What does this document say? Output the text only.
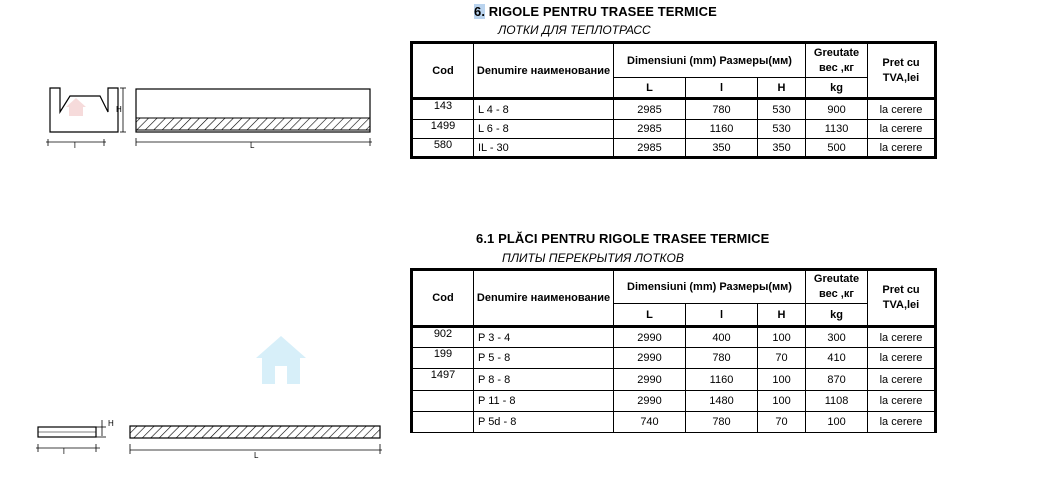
6. RIGOLE PENTRU TRASEE TERMICE
ЛОТКИ ДЛЯ ТЕПЛОТРАСС
H
l	L
Cod	Denumire наименование	Dimensiuni (mm) Размеры(мм)			Greutate
вес ,кг	Pret cu
TVA,lei
		L	l	H	kg	
143	L 4 - 8	2985	780	530	900	la cerere
1499	L 6 - 8	2985	1160	530	1130	la cerere
580	IL - 30	2985	350	350	500	la cerere
6.1 PLĂCI PENTRU RIGOLE TRASEE TERMICE
ПЛИТЫ ПЕРЕКРЫТИЯ ЛОТКОВ
H
l	L
Cod	Denumire наименование	Dimensiuni (mm) Размеры(мм)			Greutate
вес ,кг	Pret cu
TVA,lei
		L	l	H	kg	
902	P 3 - 4	2990	400	100	300	la cerere
199	P 5 - 8	2990	780	70	410	la cerere
1497	P 8 - 8	2990	1160	100	870	la cerere
	P 11 - 8	2990	1480	100	1108	la cerere
	P 5d - 8	740	780	70	100	la cerere
